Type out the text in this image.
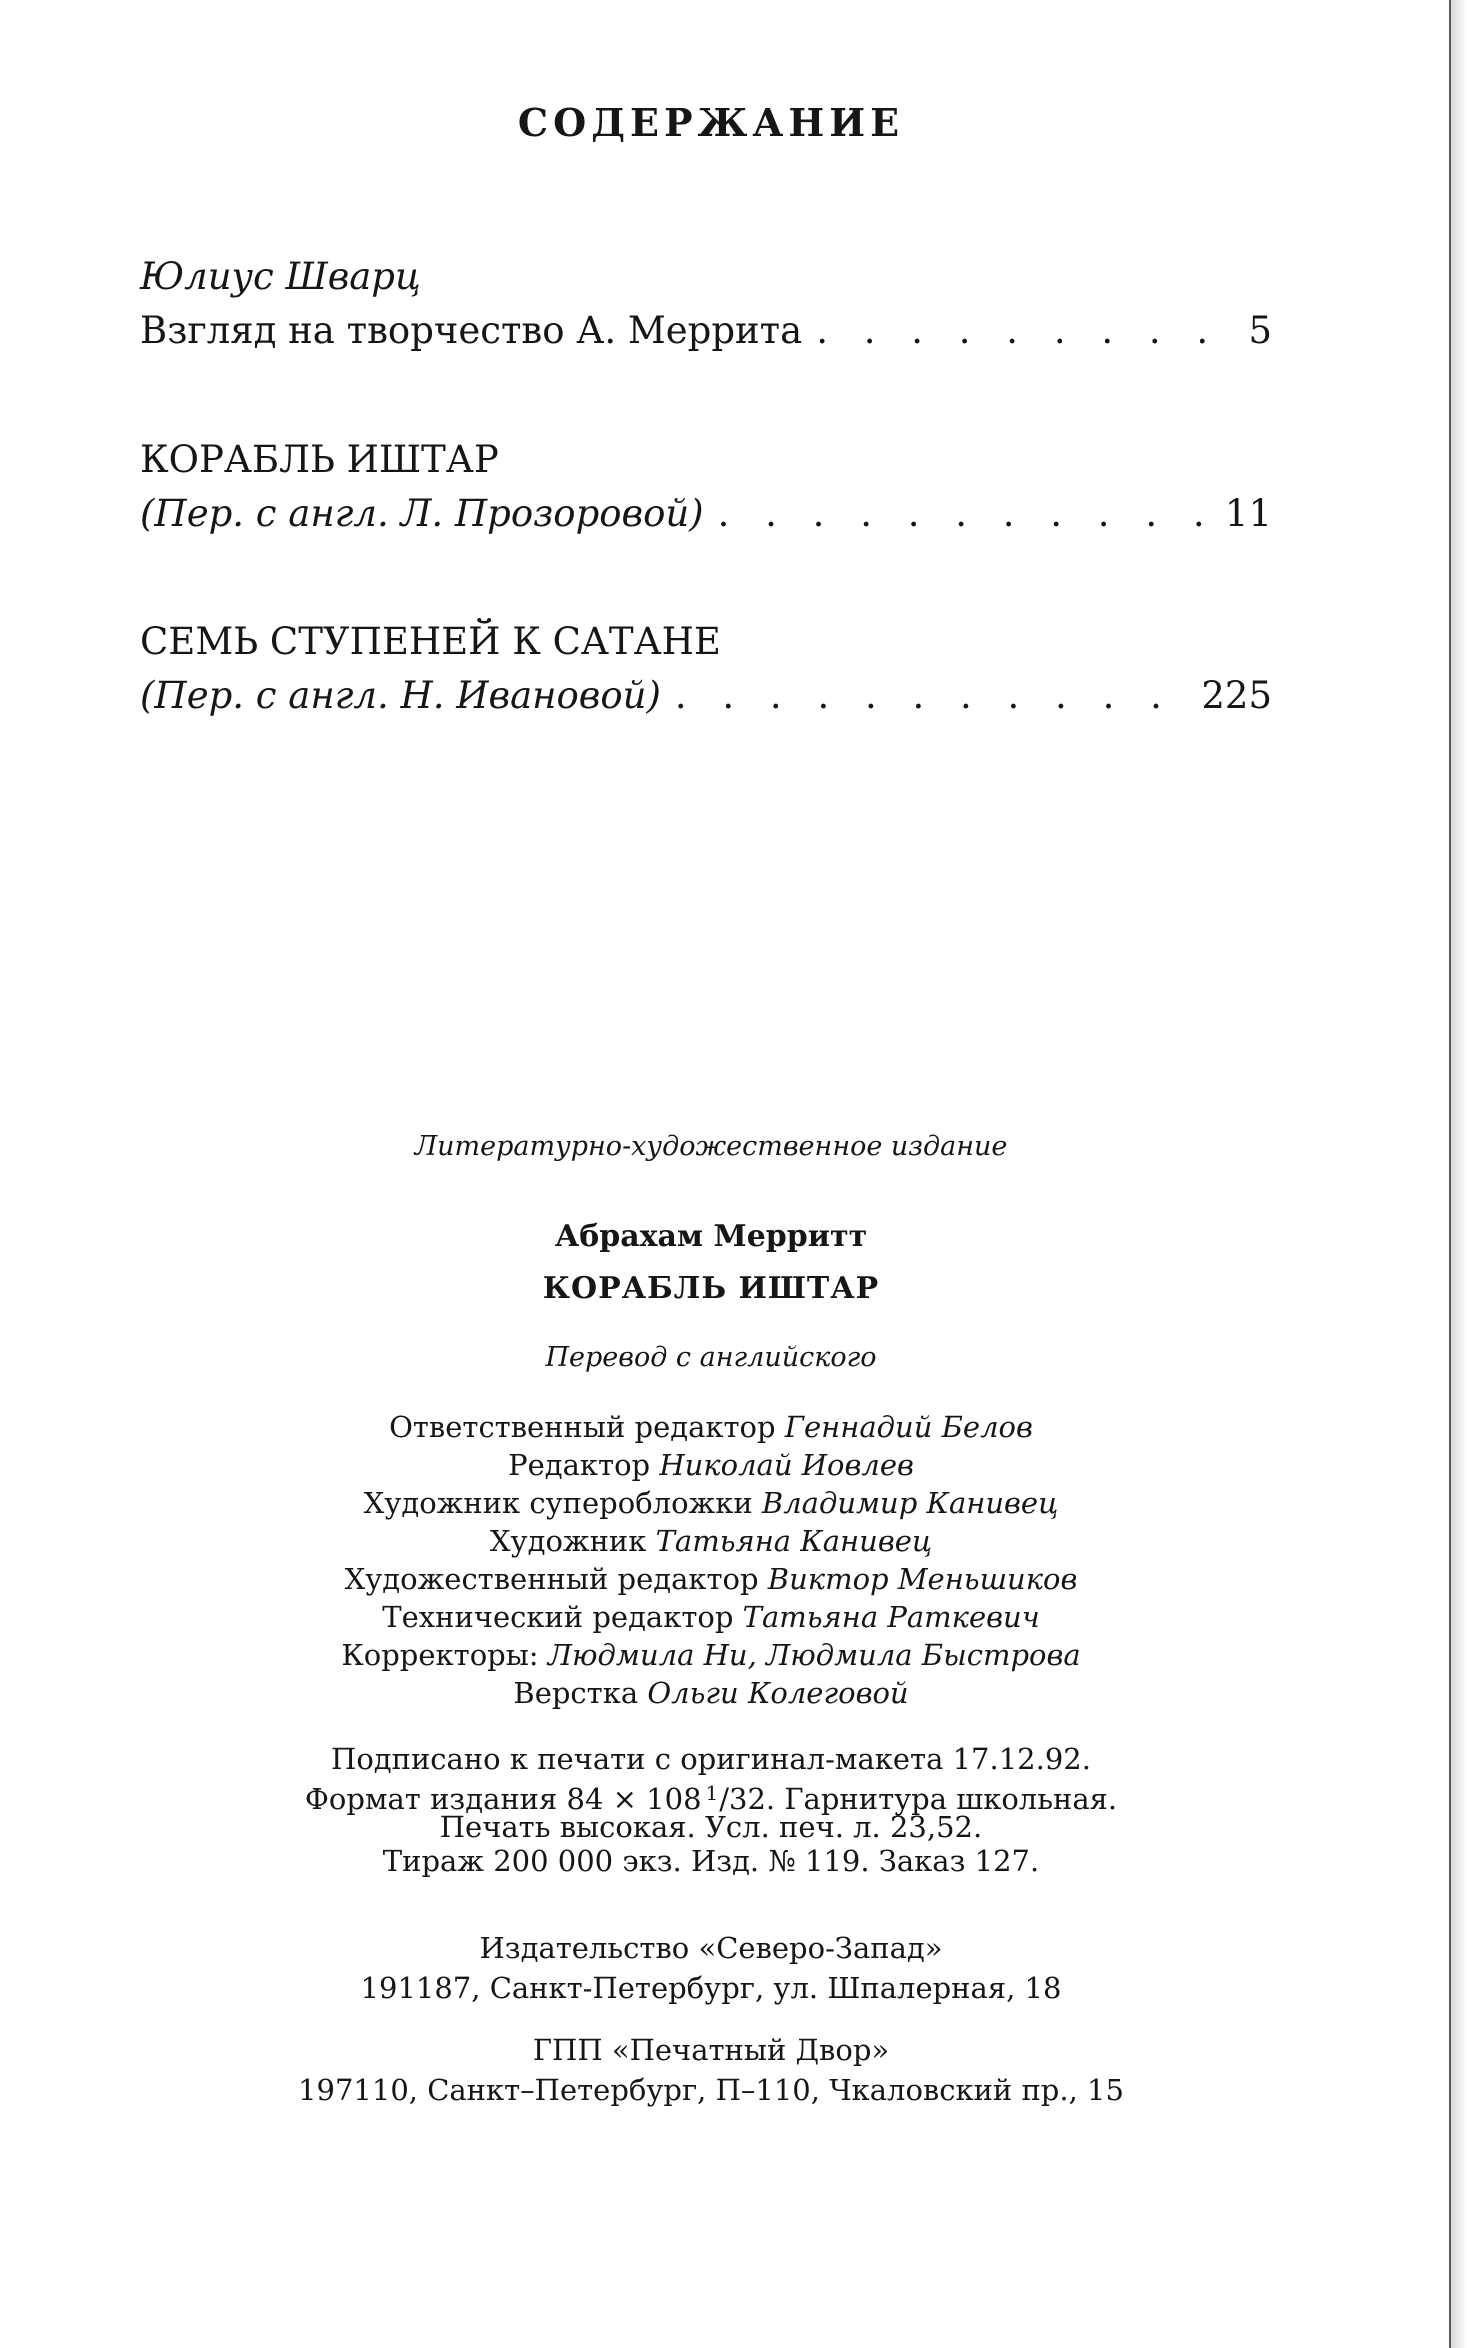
СОДЕРЖАНИЕ
Юлиус Шварц
Взгляд на творчество А. Меррита . . .	5
КОРАБЛЬ ИШТАР
(Пер. с англ. Л. Прозоровой) . . .	11
СЕМЬ СТУПЕНЕЙ К САТАНЕ
(Пер. с англ. Н. Ивановой) . . .	225
Литературно-художественное издание
Абрахам Мерритт
КОРАБЛЬ ИШТАР
Перевод с английского
Ответственный редактор Геннадий Белов
Редактор Николай Иовлев
Художник суперобложки Владимир Канивец
Художник Татьяна Канивец
Художественный редактор Виктор Меньшиков
Технический редактор Татьяна Раткевич
Корректоры: Людмила Ни, Людмила Быстрова
Верстка Ольги Колеговой
Подписано к печати с оригинал-макета 17.12.92.
Формат издания 84 × 108 $^1$/32. Гарнитура школьная.
Печать высокая. Усл. печ. л. 23,52.
Тираж 200 000 экз. Изд. № 119. Заказ 127.
Издательство «Северо-Запад»
191187, Санкт-Петербург, ул. Шпалерная, 18
ГПП «Печатный Двор»
197110, Санкт–Петербург, П–110, Чкаловский пр., 15
